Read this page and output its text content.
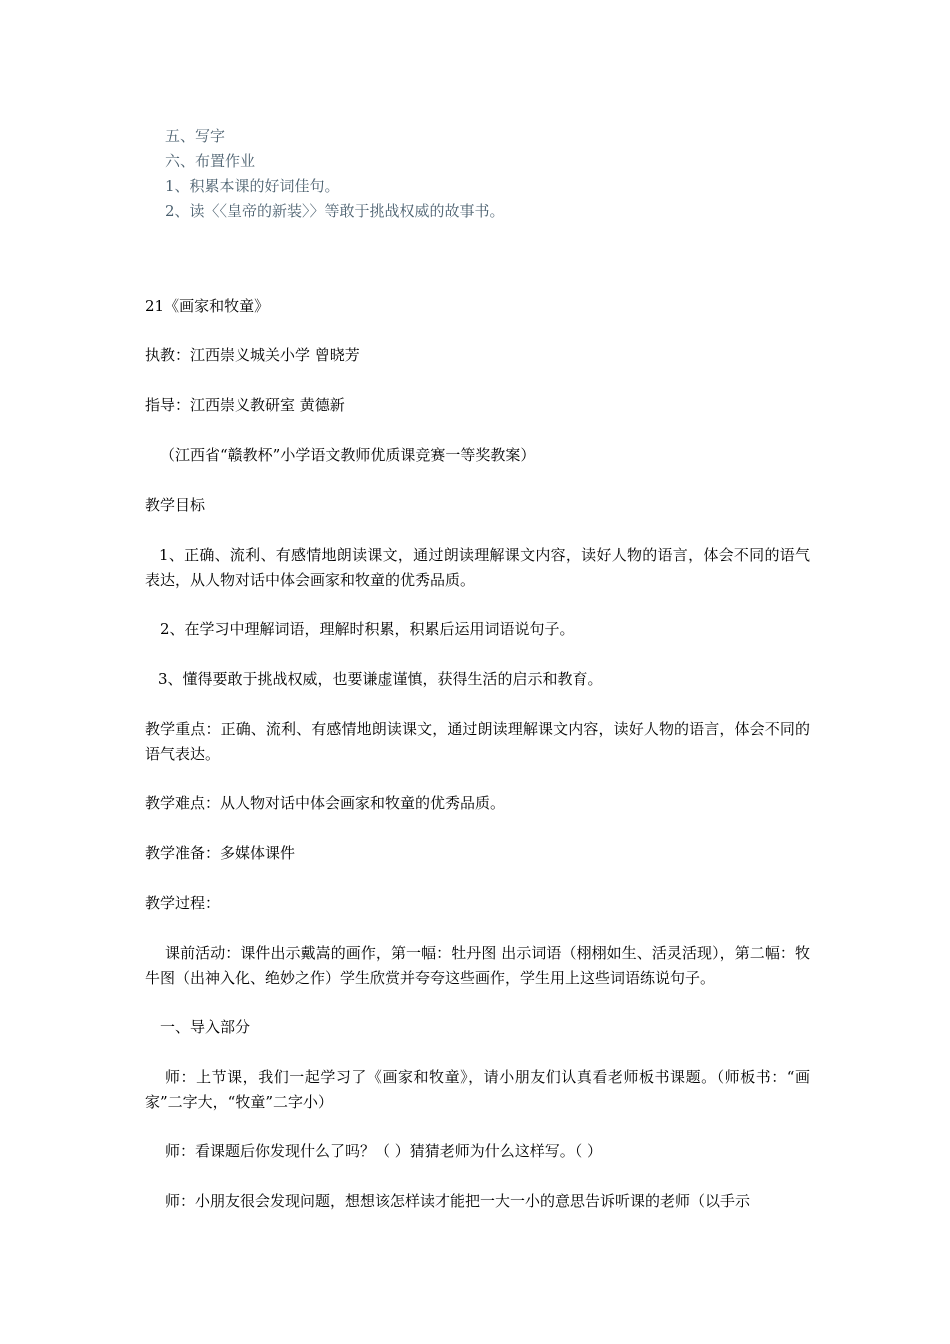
五、写字
六、布置作业
1、积累本课的好词佳句。
2、读〈〈皇帝的新装〉〉等敢于挑战权威的故事书。
21《画家和牧童》
执教：江西崇义城关小学 曾晓芳
指导：江西崇义教研室 黄德新
（江西省“赣教杯”小学语文教师优质课竞赛一等奖教案）
教学目标
1、正确、流利、有感情地朗读课文，通过朗读理解课文内容，读好人物的语言，体会不同的语气表达，从人物对话中体会画家和牧童的优秀品质。
2、在学习中理解词语，理解时积累，积累后运用词语说句子。
3、懂得要敢于挑战权威，也要谦虚谨慎，获得生活的启示和教育。
教学重点：正确、流利、有感情地朗读课文，通过朗读理解课文内容，读好人物的语言，体会不同的语气表达。
教学难点：从人物对话中体会画家和牧童的优秀品质。
教学准备：多媒体课件
教学过程：
课前活动：课件出示戴嵩的画作，第一幅：牡丹图 出示词语（栩栩如生、活灵活现），第二幅：牧牛图（出神入化、绝妙之作）学生欣赏并夸夸这些画作，学生用上这些词语练说句子。
一、导入部分
师：上节课，我们一起学习了《画家和牧童》，请小朋友们认真看老师板书课题。（师板书：“画家”二字大，“牧童”二字小）
师：看课题后你发现什么了吗？（ ）猜猜老师为什么这样写。（ ）
师：小朋友很会发现问题，想想该怎样读才能把一大一小的意思告诉听课的老师（以手示
